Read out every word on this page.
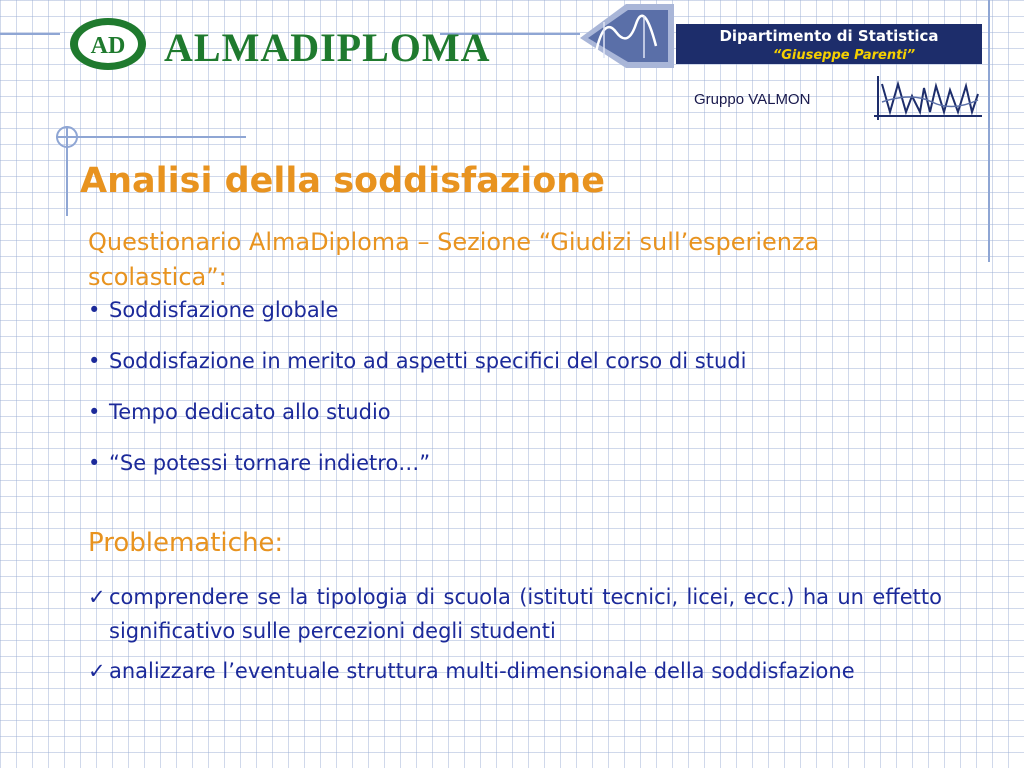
AD ALMADIPLOMA	Dipartimento di Statistica
“Giuseppe Parenti”
Gruppo VALMON
Analisi della soddisfazione
Questionario AlmaDiploma – Sezione “Giudizi sull’esperienza scolastica”:
• Soddisfazione globale
• Soddisfazione in merito ad aspetti specifici del corso di studi
• Tempo dedicato allo studio
• “Se potessi tornare indietro…”
Problematiche:
✓ comprendere se la tipologia di scuola (istituti tecnici, licei, ecc.) ha un effetto significativo sulle percezioni degli studenti
✓ analizzare l’eventuale struttura multi-dimensionale della soddisfazione
